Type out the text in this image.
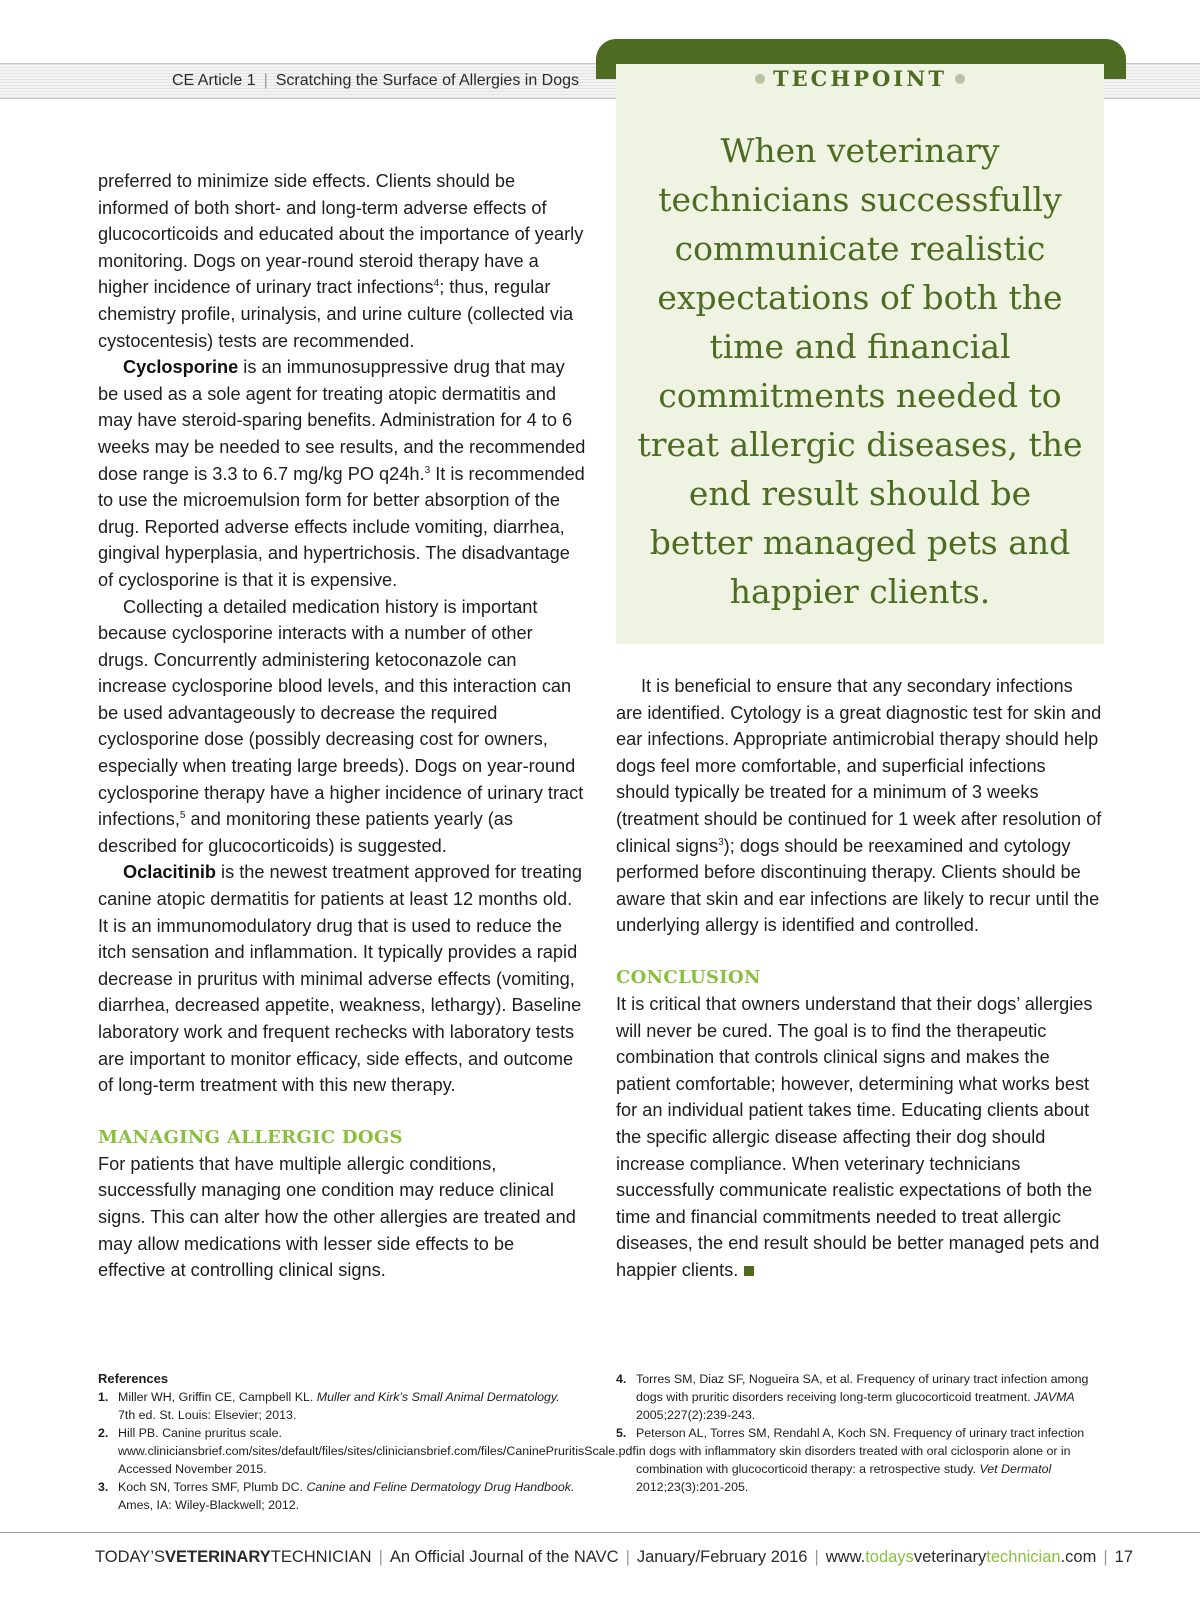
CE Article 1 | Scratching the Surface of Allergies in Dogs	TECHPOINT
When veterinary technicians successfully communicate realistic expectations of both the time and financial commitments needed to treat allergic diseases, the end result should be better managed pets and happier clients.

preferred to minimize side effects. Clients should be informed of both short- and long-term adverse effects of glucocorticoids and educated about the importance of yearly monitoring. Dogs on year-round steroid therapy have a higher incidence of urinary tract infections$^4$; thus, regular chemistry profile, urinalysis, and urine culture (collected via cystocentesis) tests are recommended.

Cyclosporine is an immunosuppressive drug that may be used as a sole agent for treating atopic dermatitis and may have steroid-sparing benefits. Administration for 4 to 6 weeks may be needed to see results, and the recommended dose range is 3.3 to 6.7 mg/kg PO q24h.$^3$ It is recommended to use the microemulsion form for better absorption of the drug. Reported adverse effects include vomiting, diarrhea, gingival hyperplasia, and hypertrichosis. The disadvantage of cyclosporine is that it is expensive.

Collecting a detailed medication history is important because cyclosporine interacts with a number of other drugs. Concurrently administering ketoconazole can increase cyclosporine blood levels, and this interaction can be used advantageously to decrease the required cyclosporine dose (possibly decreasing cost for owners, especially when treating large breeds). Dogs on year-round cyclosporine therapy have a higher incidence of urinary tract infections,$^5$ and monitoring these patients yearly (as described for glucocorticoids) is suggested.

Oclacitinib is the newest treatment approved for treating canine atopic dermatitis for patients at least 12 months old. It is an immunomodulatory drug that is used to reduce the itch sensation and inflammation. It typically provides a rapid decrease in pruritus with minimal adverse effects (vomiting, diarrhea, decreased appetite, weakness, lethargy). Baseline laboratory work and frequent rechecks with laboratory tests are important to monitor efficacy, side effects, and outcome of long-term treatment with this new therapy.

MANAGING ALLERGIC DOGS

For patients that have multiple allergic conditions, successfully managing one condition may reduce clinical signs. This can alter how the other allergies are treated and may allow medications with lesser side effects to be effective at controlling clinical signs.

It is beneficial to ensure that any secondary infections are identified. Cytology is a great diagnostic test for skin and ear infections. Appropriate antimicrobial therapy should help dogs feel more comfortable, and superficial infections should typically be treated for a minimum of 3 weeks (treatment should be continued for 1 week after resolution of clinical signs$^3$); dogs should be reexamined and cytology performed before discontinuing therapy. Clients should be aware that skin and ear infections are likely to recur until the underlying allergy is identified and controlled.

CONCLUSION

It is critical that owners understand that their dogs’ allergies will never be cured. The goal is to find the therapeutic combination that controls clinical signs and makes the patient comfortable; however, determining what works best for an individual patient takes time. Educating clients about the specific allergic disease affecting their dog should increase compliance. When veterinary technicians successfully communicate realistic expectations of both the time and financial commitments needed to treat allergic diseases, the end result should be better managed pets and happier clients.

References
1. Miller WH, Griffin CE, Campbell KL. Muller and Kirk’s Small Animal Dermatology. 7th ed. St. Louis: Elsevier; 2013.
2. Hill PB. Canine pruritus scale. www.cliniciansbrief.com/sites/default/files/sites/cliniciansbrief.com/files/CaninePruritisScale.pdf. Accessed November 2015.
3. Koch SN, Torres SMF, Plumb DC. Canine and Feline Dermatology Drug Handbook. Ames, IA: Wiley-Blackwell; 2012.
4. Torres SM, Diaz SF, Nogueira SA, et al. Frequency of urinary tract infection among dogs with pruritic disorders receiving long-term glucocorticoid treatment. JAVMA 2005;227(2):239-243.
5. Peterson AL, Torres SM, Rendahl A, Koch SN. Frequency of urinary tract infection in dogs with inflammatory skin disorders treated with oral ciclosporin alone or in combination with glucocorticoid therapy: a retrospective study. Vet Dermatol 2012;23(3):201-205.
TODAY’SVETERINARYTECHNICIAN | An Official Journal of the NAVC | January/February 2016 | www.todaysveterinarytechnician.com | 17
